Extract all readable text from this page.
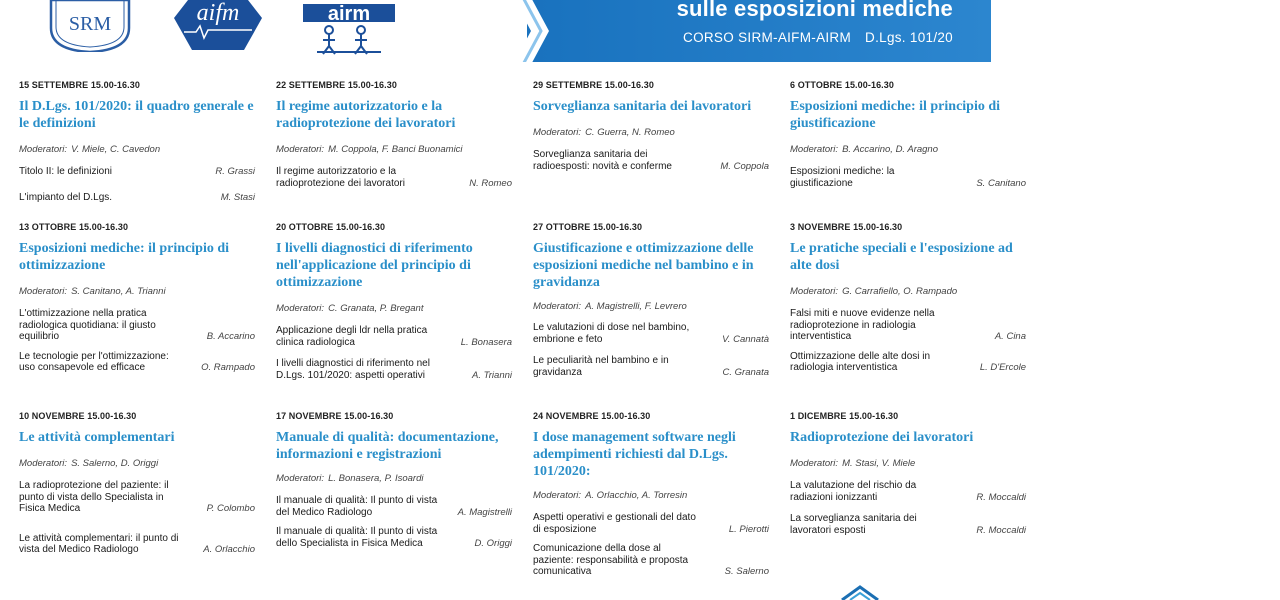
SRM	aifm	airm	sulle esposizioni mediche
CORSO SIRM-AIFM-AIRM D.Lgs. 101/20
15 SETTEMBRE 15.00-16.30
Il D.Lgs. 101/2020: il quadro generale e le definizioni
Moderatori: V. Miele, C. Cavedon
Titolo II: le definizioni	R. Grassi
L'impianto del D.Lgs.	M. Stasi
22 SETTEMBRE 15.00-16.30
Il regime autorizzatorio e la radioprotezione dei lavoratori
Moderatori: M. Coppola, F. Banci Buonamici
Il regime autorizzatorio e la radioprotezione dei lavoratori	N. Romeo
29 SETTEMBRE 15.00-16.30
Sorveglianza sanitaria dei lavoratori
Moderatori: C. Guerra, N. Romeo
Sorveglianza sanitaria dei radioesposti: novità e conferme	M. Coppola
6 OTTOBRE 15.00-16.30
Esposizioni mediche: il principio di giustificazione
Moderatori: B. Accarino, D. Aragno
Esposizioni mediche: la giustificazione	S. Canitano
13 OTTOBRE 15.00-16.30
Esposizioni mediche: il principio di ottimizzazione
Moderatori: S. Canitano, A. Trianni
L'ottimizzazione nella pratica radiologica quotidiana: il giusto equilibrio	B. Accarino
Le tecnologie per l'ottimizzazione: uso consapevole ed efficace	O. Rampado
20 OTTOBRE 15.00-16.30
I livelli diagnostici di riferimento nell'applicazione del principio di ottimizzazione
Moderatori: C. Granata, P. Bregant
Applicazione degli ldr nella pratica clinica radiologica	L. Bonasera
I livelli diagnostici di riferimento nel D.Lgs. 101/2020: aspetti operativi	A. Trianni
27 OTTOBRE 15.00-16.30
Giustificazione e ottimizzazione delle esposizioni mediche nel bambino e in gravidanza
Moderatori: A. Magistrelli, F. Levrero
Le valutazioni di dose nel bambino, embrione e feto	V. Cannatà
Le peculiarità nel bambino e in gravidanza	C. Granata
3 NOVEMBRE 15.00-16.30
Le pratiche speciali e l'esposizione ad alte dosi
Moderatori: G. Carrafiello, O. Rampado
Falsi miti e nuove evidenze nella radioprotezione in radiologia interventistica	A. Cina
Ottimizzazione delle alte dosi in radiologia interventistica	L. D'Ercole
10 NOVEMBRE 15.00-16.30
Le attività complementari
Moderatori: S. Salerno, D. Origgi
La radioprotezione del paziente: il punto di vista dello Specialista in Fisica Medica	P. Colombo
Le attività complementari: il punto di vista del Medico Radiologo	A. Orlacchio
17 NOVEMBRE 15.00-16.30
Manuale di qualità: documentazione, informazioni e registrazioni
Moderatori: L. Bonasera, P. Isoardi
Il manuale di qualità: Il punto di vista del Medico Radiologo	A. Magistrelli
Il manuale di qualità: Il punto di vista dello Specialista in Fisica Medica	D. Origgi
24 NOVEMBRE 15.00-16.30
I dose management software negli adempimenti richiesti dal D.Lgs. 101/2020:
Moderatori: A. Orlacchio, A. Torresin
Aspetti operativi e gestionali del dato di esposizione	L. Pierotti
Comunicazione della dose al paziente: responsabilità e proposta comunicativa	S. Salerno
1 DICEMBRE 15.00-16.30
Radioprotezione dei lavoratori
Moderatori: M. Stasi, V. Miele
La valutazione del rischio da radiazioni ionizzanti	R. Moccaldi
La sorveglianza sanitaria dei lavoratori esposti	R. Moccaldi
